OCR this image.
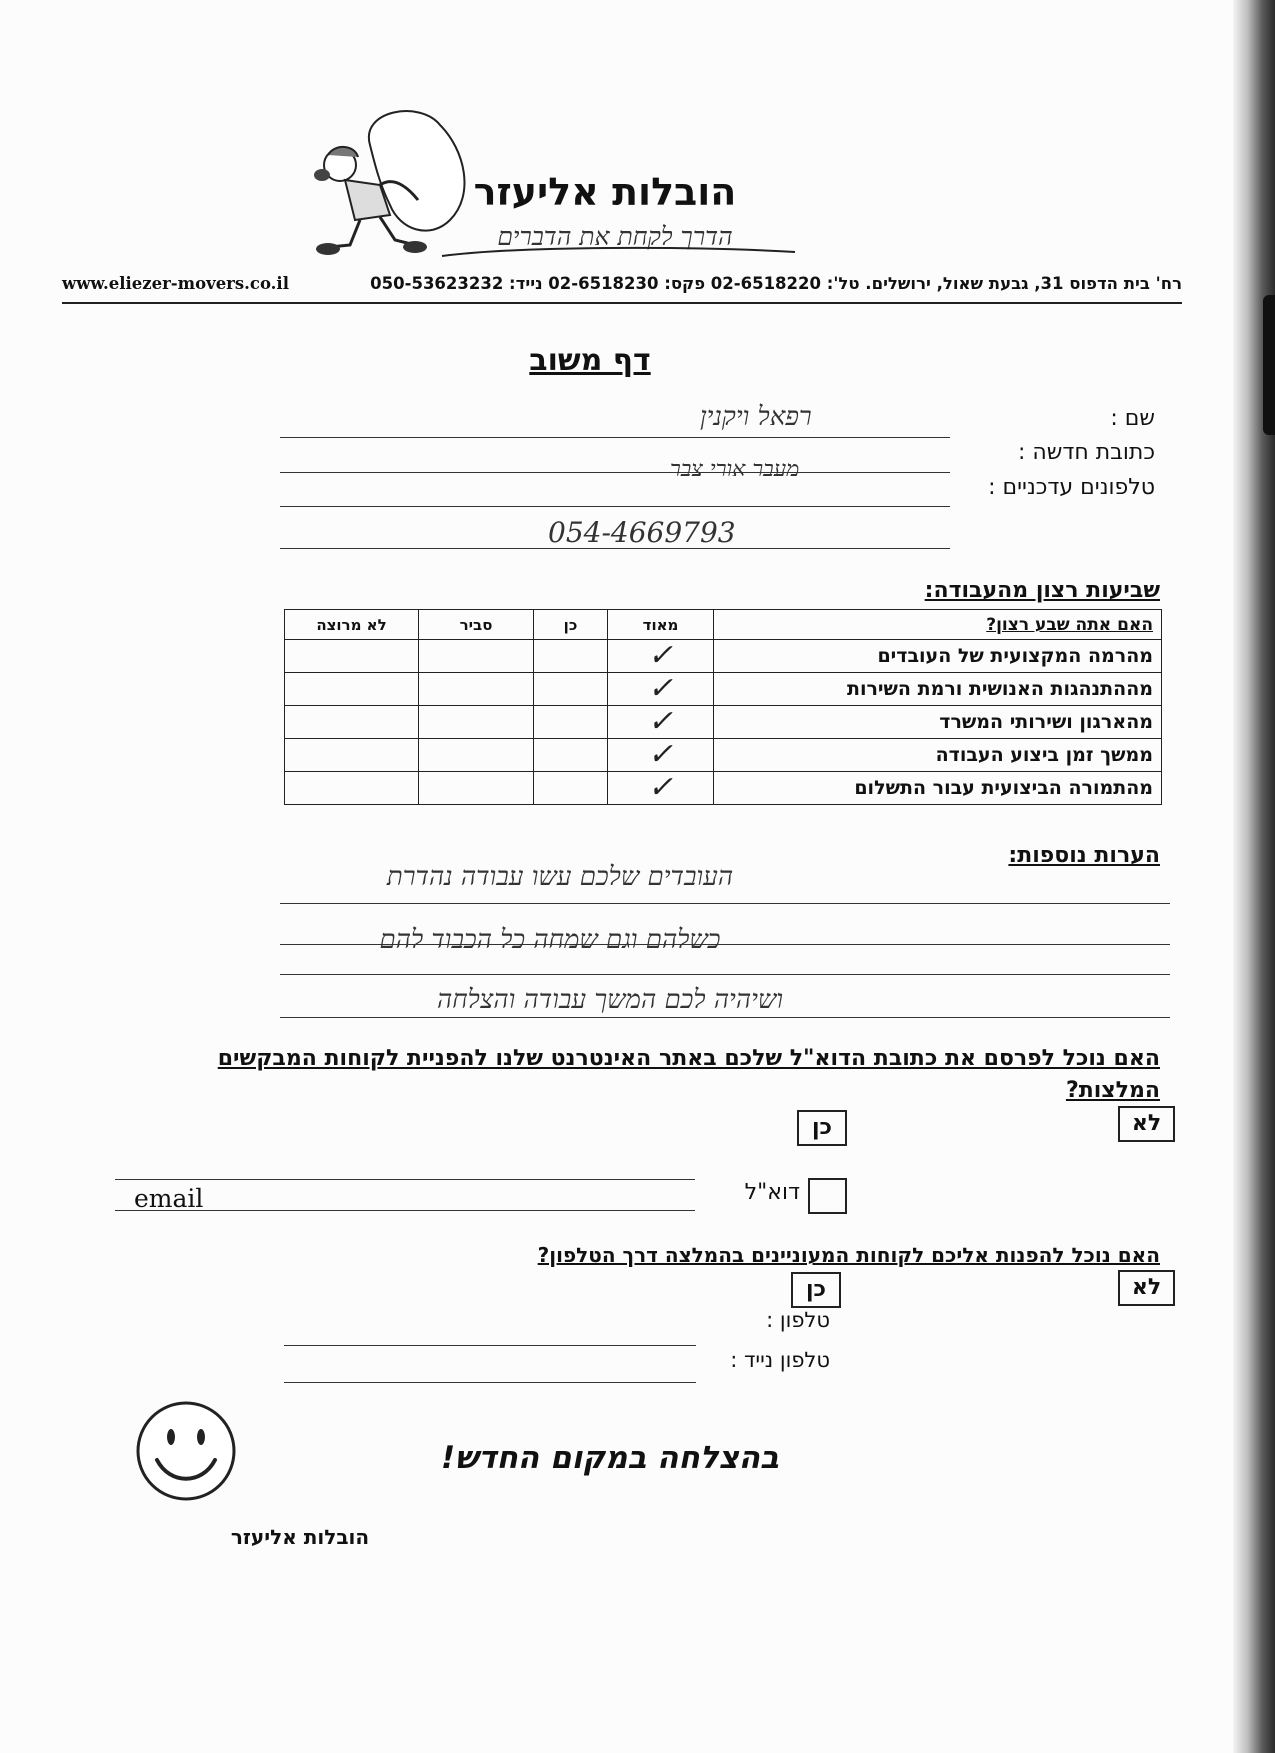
הובלות אליעזר
הדרך לקחת את הדברים
רח' בית הדפוס 31, גבעת שאול, ירושלים. טל': 02-6518220 פקס: 02-6518230 נייד: 050-53623232
www.eliezer-movers.co.il
דף משוב
שם :
רפאל ויקנין
כתובת חדשה :
מעבר אורי צבר
טלפונים עדכניים :
054-4669793
שביעות רצון מהעבודה:
האם אתה שבע רצון?	מאוד	כן	סביר	לא מרוצה
מהרמה המקצועית של העובדים	✓			
מההתנהגות האנושית ורמת השירות	✓			
מהארגון ושירותי המשרד	✓			
ממשך זמן ביצוע העבודה	✓			
מהתמורה הביצועית עבור התשלום	✓			
הערות נוספות:
העובדים שלכם עשו עבודה נהדרת
כשלהם וגם שמחה כל הכבוד להם
ושיהיה לכם המשך עבודה והצלחה
האם נוכל לפרסם את כתובת הדוא"ל שלכם באתר האינטרנט שלנו להפניית לקוחות המבקשים המלצות?
כן	לא
דוא"ל
email
האם נוכל להפנות אליכם לקוחות המעוניינים בהמלצה דרך הטלפון?
כן	לא
טלפון :
טלפון נייד :
בהצלחה במקום החדש!
הובלות אליעזר
